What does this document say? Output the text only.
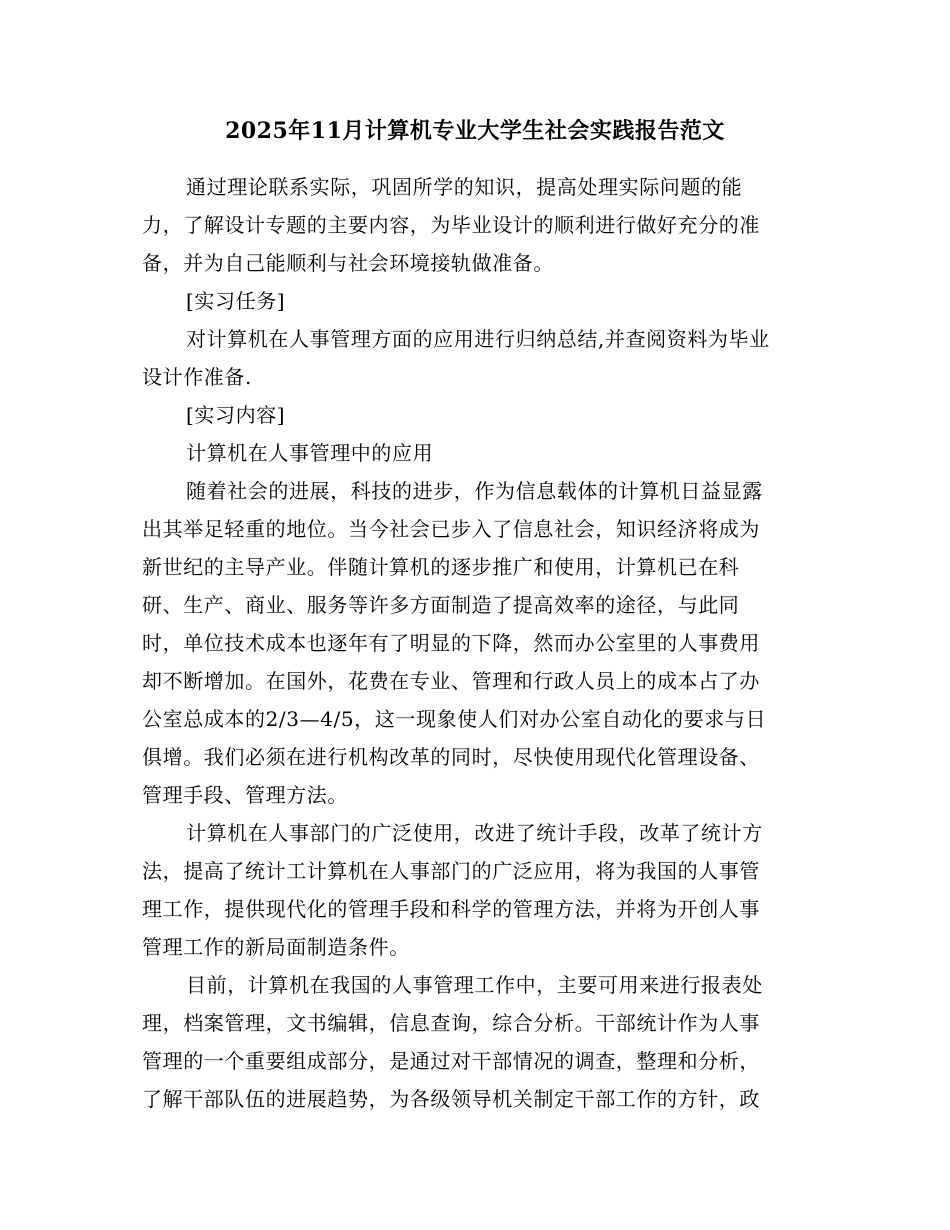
2025年11月计算机专业大学生社会实践报告范文

通过理论联系实际，巩固所学的知识，提高处理实际问题的能
力，了解设计专题的主要内容，为毕业设计的顺利进行做好充分的准
备，并为自己能顺利与社会环境接轨做准备。

[实习任务]

对计算机在人事管理方面的应用进行归纳总结,并查阅资料为毕业
设计作准备.

[实习内容]

计算机在人事管理中的应用

随着社会的进展，科技的进步，作为信息载体的计算机日益显露
出其举足轻重的地位。当今社会已步入了信息社会，知识经济将成为
新世纪的主导产业。伴随计算机的逐步推广和使用，计算机已在科
研、生产、商业、服务等许多方面制造了提高效率的途径，与此同
时，单位技术成本也逐年有了明显的下降，然而办公室里的人事费用
却不断增加。在国外，花费在专业、管理和行政人员上的成本占了办
公室总成本的2/3—4/5，这一现象使人们对办公室自动化的要求与日
俱增。我们必须在进行机构改革的同时，尽快使用现代化管理设备、
管理手段、管理方法。

计算机在人事部门的广泛使用，改进了统计手段，改革了统计方
法，提高了统计工计算机在人事部门的广泛应用，将为我国的人事管
理工作，提供现代化的管理手段和科学的管理方法，并将为开创人事
管理工作的新局面制造条件。

目前，计算机在我国的人事管理工作中，主要可用来进行报表处
理，档案管理，文书编辑，信息查询，综合分析。干部统计作为人事
管理的一个重要组成部分，是通过对干部情况的调查，整理和分析，
了解干部队伍的进展趋势，为各级领导机关制定干部工作的方针，政
